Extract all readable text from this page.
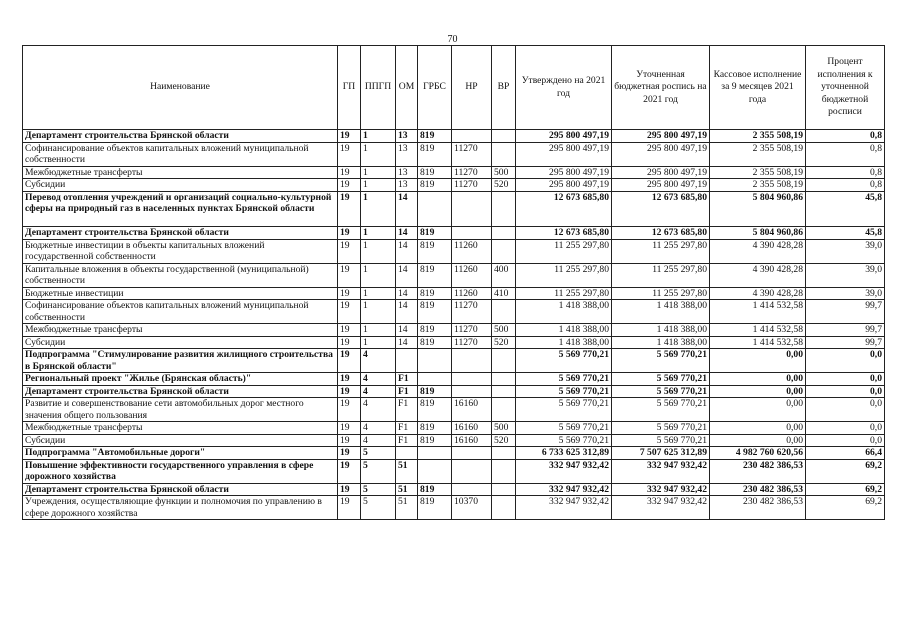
70
Наименование	ГП	ППГП	ОМ	ГРБС	НР	ВР	Утверждено на 2021 год	Уточненная бюджетная роспись на 2021 год	Кассовое исполнение за 9 месяцев 2021 года	Процент исполнения к уточненной бюджетной росписи
Департамент строительства Брянской области	19	1	13	819			295 800 497,19	295 800 497,19	2 355 508,19	0,8
Софинансирование объектов капитальных вложений муниципальной собственности	19	1	13	819	11270		295 800 497,19	295 800 497,19	2 355 508,19	0,8
Межбюджетные трансферты	19	1	13	819	11270	500	295 800 497,19	295 800 497,19	2 355 508,19	0,8
Субсидии	19	1	13	819	11270	520	295 800 497,19	295 800 497,19	2 355 508,19	0,8
Перевод отопления учреждений и организаций социально-культурной сферы на природный газ в населенных пунктах Брянской области	19	1	14				12 673 685,80	12 673 685,80	5 804 960,86	45,8
Департамент строительства Брянской области	19	1	14	819			12 673 685,80	12 673 685,80	5 804 960,86	45,8
Бюджетные инвестиции в объекты капитальных вложений государственной собственности	19	1	14	819	11260		11 255 297,80	11 255 297,80	4 390 428,28	39,0
Капитальные вложения в объекты государственной (муниципальной) собственности	19	1	14	819	11260	400	11 255 297,80	11 255 297,80	4 390 428,28	39,0
Бюджетные инвестиции	19	1	14	819	11260	410	11 255 297,80	11 255 297,80	4 390 428,28	39,0
Софинансирование объектов капитальных вложений муниципальной собственности	19	1	14	819	11270		1 418 388,00	1 418 388,00	1 414 532,58	99,7
Межбюджетные трансферты	19	1	14	819	11270	500	1 418 388,00	1 418 388,00	1 414 532,58	99,7
Субсидии	19	1	14	819	11270	520	1 418 388,00	1 418 388,00	1 414 532,58	99,7
Подпрограмма "Стимулирование развития жилищного строительства в Брянской области"	19	4					5 569 770,21	5 569 770,21	0,00	0,0
Региональный проект "Жилье (Брянская область)"	19	4	F1				5 569 770,21	5 569 770,21	0,00	0,0
Департамент строительства Брянской области	19	4	F1	819			5 569 770,21	5 569 770,21	0,00	0,0
Развитие и совершенствование сети автомобильных дорог местного значения общего пользования	19	4	F1	819	16160		5 569 770,21	5 569 770,21	0,00	0,0
Межбюджетные трансферты	19	4	F1	819	16160	500	5 569 770,21	5 569 770,21	0,00	0,0
Субсидии	19	4	F1	819	16160	520	5 569 770,21	5 569 770,21	0,00	0,0
Подпрограмма "Автомобильные дороги"	19	5					6 733 625 312,89	7 507 625 312,89	4 982 760 620,56	66,4
Повышение эффективности государственного управления в сфере дорожного хозяйства	19	5	51				332 947 932,42	332 947 932,42	230 482 386,53	69,2
Департамент строительства Брянской области	19	5	51	819			332 947 932,42	332 947 932,42	230 482 386,53	69,2
Учреждения, осуществляющие функции и полномочия по управлению в сфере дорожного хозяйства	19	5	51	819	10370		332 947 932,42	332 947 932,42	230 482 386,53	69,2
